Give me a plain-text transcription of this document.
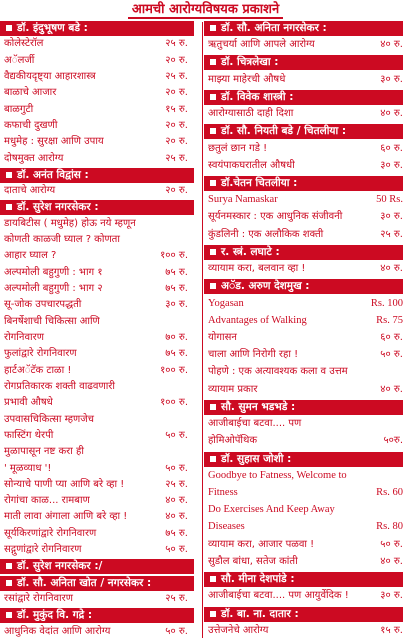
आमची आरोग्यविषयक प्रकाशने
डॉ. इंदुभूषण बडे :
कोलेस्टेरॉल	२५ रु.
अॅलर्जी	२० रु.
वैद्यकीयदृष्ट्या आहारशास्त्र	२५ रु.
बाळाचे आजार	२० रु.
बाळगुटी	१५ रु.
कफाची दुखणी	२० रु.
मधुमेह : सुरक्षा आणि उपाय	२० रु.
दोषमुक्त आरोग्य	२५ रु.
डॉ. अनंत विद्वांस :
दाताचे आरोग्य	२० रु.
डॉ. सुरेश नगरसेकर :
डायबिटीस ( मधुमेह) होऊ नये म्हणून
कोणती काळजी घ्याल ? कोणता
आहार घ्याल ?	१०० रु.
अल्पमोली बहुगुणी : भाग १	७५ रु.
अल्पमोली बहुगुणी : भाग २	७५ रु.
सू-जोक उपचारपद्धती	३० रु.
बिनर्षेशाची चिकित्सा आणि
रोगनिवारण	७० रु.
फुलांद्वारे रोगनिवारण	७५ रु.
हार्टअॅटॅक टाळा !	१०० रु.
रोगप्रतिकारक शक्ती वाढवणारी
प्रभावी औषधे	१०० रु.
उपवासचिकित्सा म्हणजेच
फास्टिंग थेरपी	५० रु.
मुळापासून नष्ट करा ही
' मूळव्याध '!	५० रु.
सोन्याचे पाणी प्या आणि बरे व्हा !	२५ रु.
रोगांचा काळ... रामबाण	४० रु.
माती लावा अंगाला आणि बरे व्हा !	४० रु.
सूर्यकिरणांद्वारे रोगनिवारण	७५ रु.
सद्गुणांद्वारे रोगनिवारण	५० रु.
डॉ. सुरेश नगरसेकर :/
डॉ. सौ. अनिता खोत / नगरसेकर :
रसांद्वारे रोगनिवारण	२५ रु.
डॉ. मुकुंद वि. गद्रे :
आधुनिक वेदांत आणि आरोग्य	५० रु.
डॉ. सौ. अनिता नगरसेकर :
ऋतुचर्या आणि आपले आरोग्य	४० रु.
डॉ. चित्रलेखा :
माझ्या माहेरची औषधे	३० रु.
डॉ. विवेक शास्त्री :
आरोग्यासाठी दाही दिशा	४० रु.
डॉ. सौ. नियती बडे / चितलीया :
छतुलं छान गडे !	६० रु.
स्वयंपाकघरातील औषधी	३० रु.
डॉ.चेतन चितलीया :
Surya Namaskar	50 Rs.
सूर्यनमस्कार : एक आधुनिक संजीवनी	३० रु.
कुंडलिनी : एक अलौकिक शक्ती	२५ रु.
र. स्त्रं. लघाटे :
व्यायाम करा, बलवान व्हा !	४० रु.
अॅड. अरुण देशमुख :
Yogasan	Rs. 100
Advantages of Walking	Rs. 75
योगासन	६० रु.
चाला आणि निरोगी रहा !	५० रु.
पोहणे : एक अत्यावश्यक कला व उत्तम
व्यायाम प्रकार	४० रु.
सौ. सुमन भडभडे :
आजीबाईचा बटवा.... पण
होमिओपॅथिक	५०रु.
डॉ. सुहास जोशी :
Goodbye to Fatness, Welcome to
Fitness	Rs. 60
Do Exercises And Keep Away
Diseases	Rs. 80
व्यायाम करा, आजार पळवा !	५० रु.
सुडौल बांधा, सतेज कांती	४० रु.
सौ. मीना देशपांडे :
आजीबाईचा बटवा.... पण आयुर्वेदिक !	३० रु.
डॉ. बा. ना. दातार :
उत्तेजनेचे आरोग्य	१५ रु.
